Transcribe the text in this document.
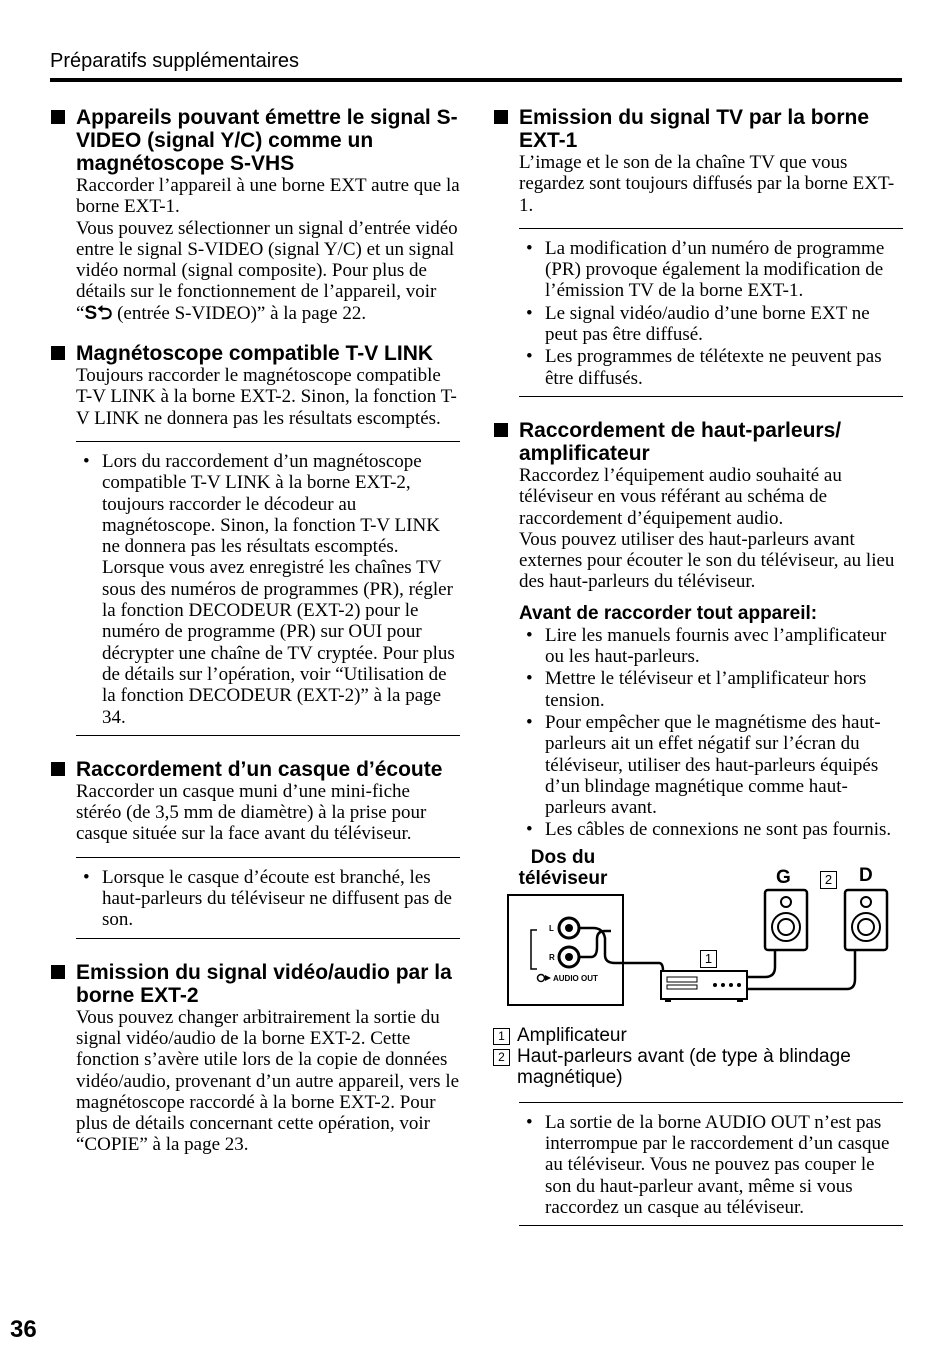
Préparatifs supplémentaires
Appareils pouvant émettre le signal S-VIDEO (signal Y/C) comme un magnétoscope S-VHS
Raccorder l’appareil à une borne EXT autre que la borne EXT-1.
Vous pouvez sélectionner un signal d’entrée vidéo entre le signal S-VIDEO (signal Y/C) et un signal vidéo normal (signal composite). Pour plus de détails sur le fonctionnement de l’appareil, voir “S⮌ (entrée S-VIDEO)” à la page 22.
Magnétoscope compatible T-V LINK
Toujours raccorder le magnétoscope compatible T-V LINK à la borne EXT-2. Sinon, la fonction T-V LINK ne donnera pas les résultats escomptés.
• Lors du raccordement d’un magnétoscope compatible T-V LINK à la borne EXT-2, toujours raccorder le décodeur au magnétoscope. Sinon, la fonction T-V LINK ne donnera pas les résultats escomptés. Lorsque vous avez enregistré les chaînes TV sous des numéros de programmes (PR), régler la fonction DECODEUR (EXT-2) pour le numéro de programme (PR) sur OUI pour décrypter une chaîne de TV cryptée. Pour plus de détails sur l’opération, voir “Utilisation de la fonction DECODEUR (EXT-2)” à la page 34.
Raccordement d’un casque d’écoute
Raccorder un casque muni d’une mini-fiche stéréo (de 3,5 mm de diamètre) à la prise pour casque située sur la face avant du téléviseur.
• Lorsque le casque d’écoute est branché, les haut-parleurs du téléviseur ne diffusent pas de son.
Emission du signal vidéo/audio par la borne EXT-2
Vous pouvez changer arbitrairement la sortie du signal vidéo/audio de la borne EXT-2. Cette fonction s’avère utile lors de la copie de données vidéo/audio, provenant d’un autre appareil, vers le magnétoscope raccordé à la borne EXT-2. Pour plus de détails concernant cette opération, voir “COPIE” à la page 23.
Emission du signal TV par la borne EXT-1
L’image et le son de la chaîne TV que vous regardez sont toujours diffusés par la borne EXT-1.
• La modification d’un numéro de programme (PR) provoque également la modification de l’émission TV de la borne EXT-1.
• Le signal vidéo/audio d’une borne EXT ne peut pas être diffusé.
• Les programmes de télétexte ne peuvent pas être diffusés.
Raccordement de haut-parleurs/ amplificateur
Raccordez l’équipement audio souhaité au téléviseur en vous référant au schéma de raccordement d’équipement audio.
Vous pouvez utiliser des haut-parleurs avant externes pour écouter le son du téléviseur, au lieu des haut-parleurs du téléviseur.
Avant de raccorder tout appareil:
• Lire les manuels fournis avec l’amplificateur ou les haut-parleurs.
• Mettre le téléviseur et l’amplificateur hors tension.
• Pour empêcher que le magnétisme des haut-parleurs ait un effet négatif sur l’écran du téléviseur, utiliser des haut-parleurs équipés d’un blindage magnétique comme haut-parleurs avant.
• Les câbles de connexions ne sont pas fournis.
Dos du téléviseur	G	D
2
1
L
R
AUDIO OUT
1 Amplificateur
2 Haut-parleurs avant (de type à blindage magnétique)
• La sortie de la borne AUDIO OUT n’est pas interrompue par le raccordement d’un casque au téléviseur. Vous ne pouvez pas couper le son du haut-parleur avant, même si vous raccordez un casque au téléviseur.
36
